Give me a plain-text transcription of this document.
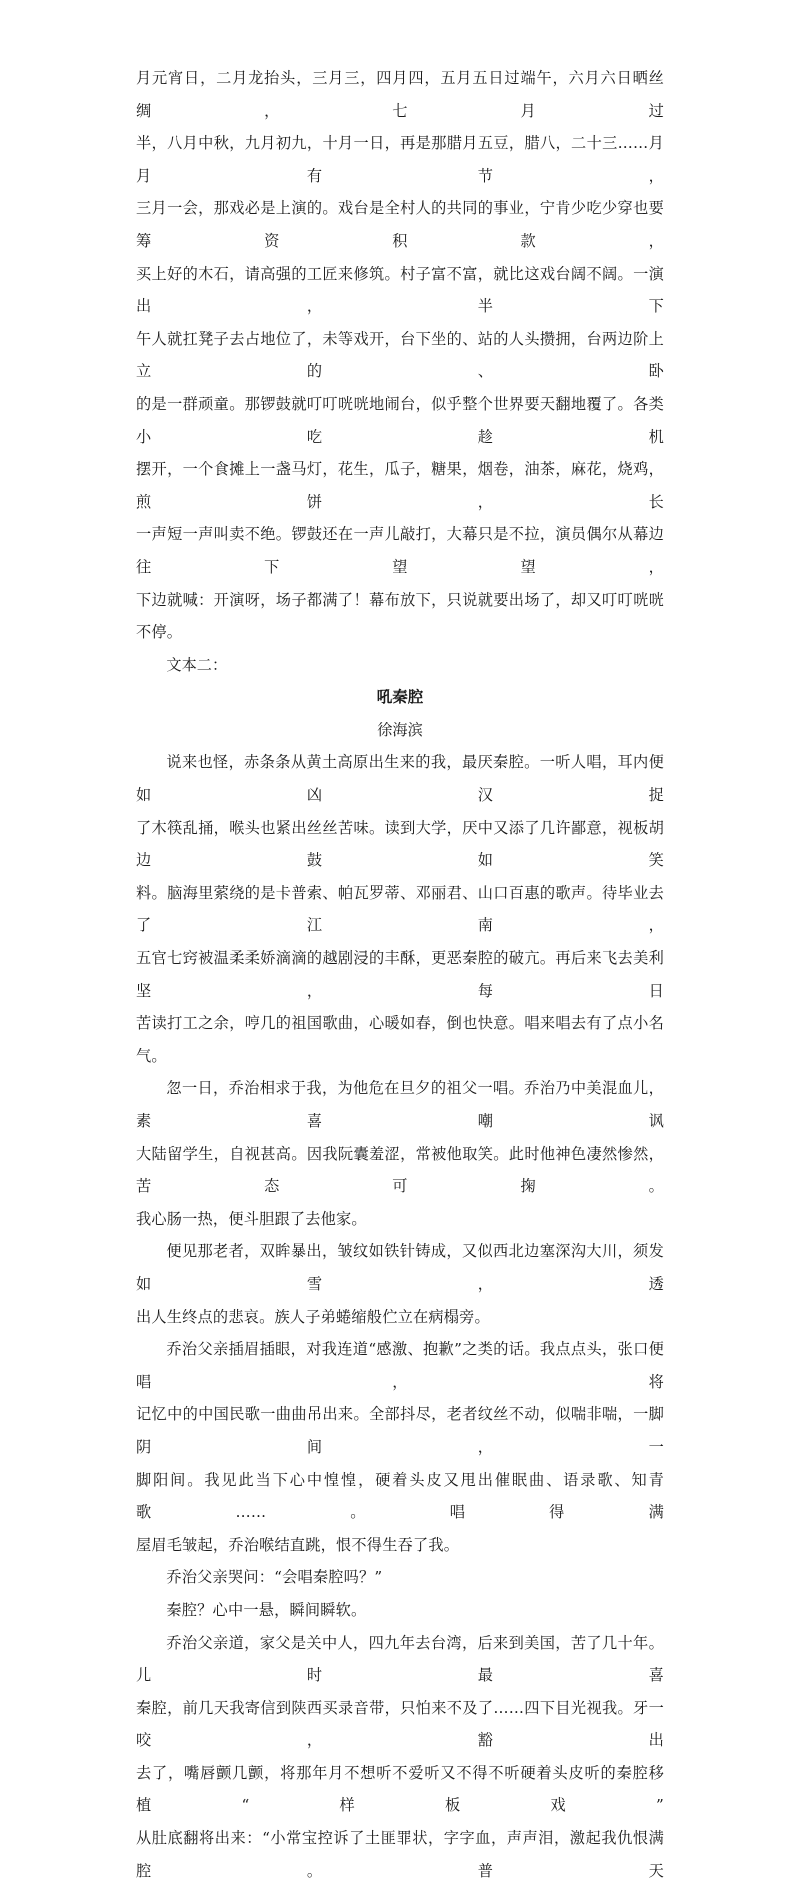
月元宵日，二月龙抬头，三月三，四月四，五月五日过端午，六月六日晒丝绸，七月过

半，八月中秋，九月初九，十月一日，再是那腊月五豆，腊八，二十三……月月有节，

三月一会，那戏必是上演的。戏台是全村人的共同的事业，宁肯少吃少穿也要筹资积款，

买上好的木石，请高强的工匠来修筑。村子富不富，就比这戏台阔不阔。一演出，半下

午人就扛凳子去占地位了，未等戏开，台下坐的、站的人头攒拥，台两边阶上立的、卧

的是一群顽童。那锣鼓就叮叮咣咣地闹台，似乎整个世界要天翻地覆了。各类小吃趁机

摆开，一个食摊上一盏马灯，花生，瓜子，糖果，烟卷，油茶，麻花，烧鸡，煎饼，长

一声短一声叫卖不绝。锣鼓还在一声儿敲打，大幕只是不拉，演员偶尔从幕边往下望望，

下边就喊：开演呀，场子都满了！幕布放下，只说就要出场了，却又叮叮咣咣不停。

文本二：

吼秦腔

徐海滨

说来也怪，赤条条从黄土高原出生来的我，最厌秦腔。一听人唱，耳内便如凶汉捉

了木筷乱捅，喉头也紧出丝丝苦味。读到大学，厌中又添了几许鄙意，视板胡边鼓如笑

料。脑海里萦绕的是卡普索、帕瓦罗蒂、邓丽君、山口百惠的歌声。待毕业去了江南，

五官七窍被温柔柔娇滴滴的越剧浸的丰酥，更恶秦腔的破亢。再后来飞去美利坚，每日

苦读打工之余，哼几的祖国歌曲，心暖如春，倒也快意。唱来唱去有了点小名气。

忽一日，乔治相求于我，为他危在旦夕的祖父一唱。乔治乃中美混血儿，素喜嘲讽

大陆留学生，自视甚高。因我阮囊羞涩，常被他取笑。此时他神色凄然惨然，苦态可掬。

我心肠一热，便斗胆跟了去他家。

便见那老者，双眸暴出，皱纹如铁针铸成，又似西北边塞深沟大川，须发如雪，透

出人生终点的悲哀。族人子弟蜷缩般伫立在病榻旁。

乔治父亲插眉插眼，对我连道“感激、抱歉”之类的话。我点点头，张口便唱，将

记忆中的中国民歌一曲曲吊出来。全部抖尽，老者纹丝不动，似喘非喘，一脚阴间，一

脚阳间。我见此当下心中惶惶，硬着头皮又甩出催眠曲、语录歌、知青歌……。唱得满

屋眉毛皱起，乔治喉结直跳，恨不得生吞了我。

乔治父亲哭问：“会唱秦腔吗？”

秦腔？心中一悬，瞬间瞬软。

乔治父亲道，家父是关中人，四九年去台湾，后来到美国，苦了几十年。儿时最喜

秦腔，前几天我寄信到陕西买录音带，只怕来不及了……四下目光视我。牙一咬，豁出

去了，嘴唇颤几颤，将那年月不想听不爱听又不得不听硬着头皮听的秦腔移植“样板戏”

从肚底翻将出来：“小常宝控诉了土匪罪状，字字血，声声泪，激起我仇恨满腔。普天
